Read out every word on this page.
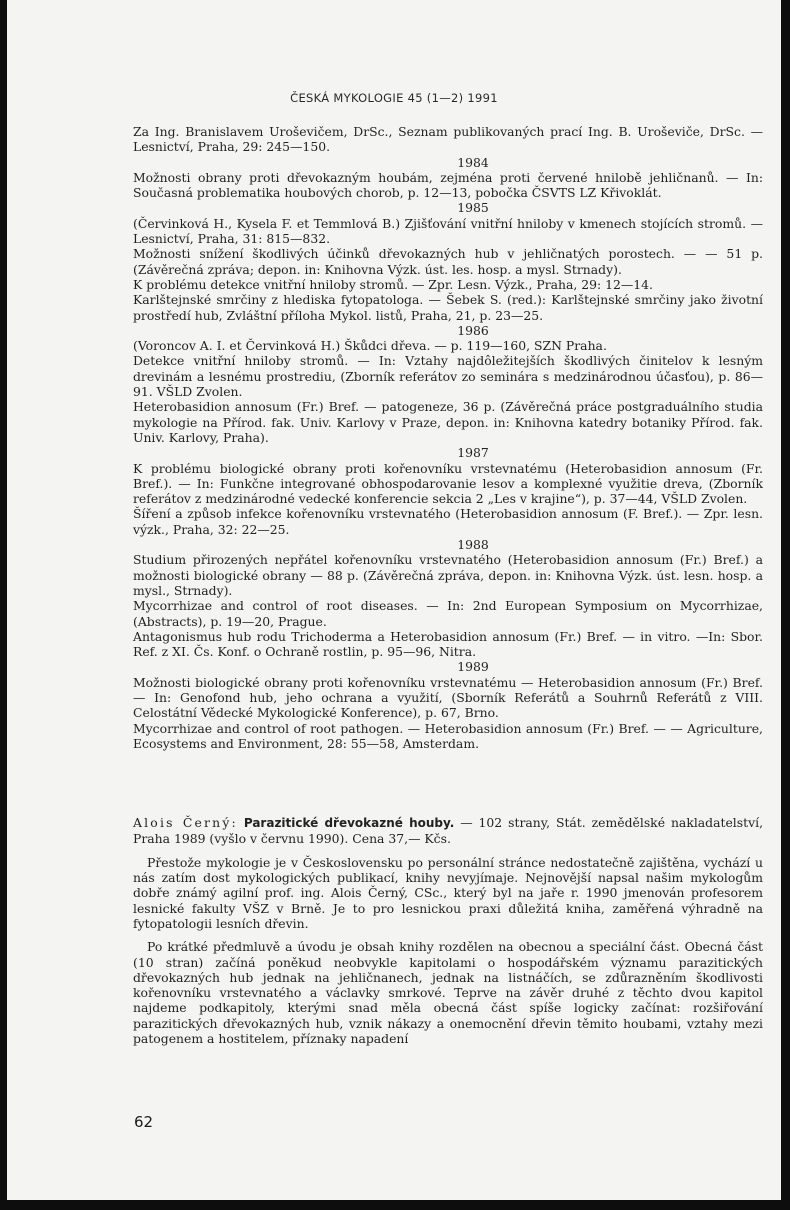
ČESKÁ MYKOLOGIE 45 (1—2) 1991

Za Ing. Branislavem Uroševičem, DrSc., Seznam publikovaných prací Ing. B. Uroševiče, DrSc. — Lesnictví, Praha, 29: 245—150.

1984

Možnosti obrany proti dřevokazným houbám, zejména proti červené hnilobě jehličnanů. — In: Současná problematika houbových chorob, p. 12—13, pobočka ČSVTS LZ Křivoklát.

1985

(Červinková H., Kysela F. et Temmlová B.) Zjišťování vnitřní hniloby v kmenech stojících stromů. — Lesnictví, Praha, 31: 815—832.

Možnosti snížení škodlivých účinků dřevokazných hub v jehličnatých porostech. — — 51 p. (Závěrečná zpráva; depon. in: Knihovna Výzk. úst. les. hosp. a mysl. Strnady).

K problému detekce vnitřní hniloby stromů. — Zpr. Lesn. Výzk., Praha, 29: 12—14.

Karlštejnské smrčiny z hlediska fytopatologa. — Šebek S. (red.): Karlštejnské smrčiny jako životní prostředí hub, Zvláštní příloha Mykol. listů, Praha, 21, p. 23—25.

1986

(Voroncov A. I. et Červinková H.) Škůdci dřeva. — p. 119—160, SZN Praha.

Detekce vnitřní hniloby stromů. — In: Vztahy najdôležitejších škodlivých činitelov k lesným drevinám a lesnému prostrediu, (Zborník referátov zo seminára s medzinárodnou účasťou), p. 86—91. VŠLD Zvolen.

Heterobasidion annosum (Fr.) Bref. — patogeneze, 36 p. (Závěrečná práce postgraduálního studia mykologie na Přírod. fak. Univ. Karlovy v Praze, depon. in: Knihovna katedry botaniky Přírod. fak. Univ. Karlovy, Praha).

1987

K problému biologické obrany proti kořenovníku vrstevnatému (Heterobasidion annosum (Fr. Bref.). — In: Funkčne integrované obhospodarovanie lesov a komplexné využitie dreva, (Zborník referátov z medzinárodné vedecké konferencie sekcia 2 „Les v krajine“), p. 37—44, VŠLD Zvolen.

Šíření a způsob infekce kořenovníku vrstevnatého (Heterobasidion annosum (F. Bref.). — Zpr. lesn. výzk., Praha, 32: 22—25.

1988

Studium přirozených nepřátel kořenovníku vrstevnatého (Heterobasidion annosum (Fr.) Bref.) a možnosti biologické obrany — 88 p. (Závěrečná zpráva, depon. in: Knihovna Výzk. úst. lesn. hosp. a mysl., Strnady).

Mycorrhizae and control of root diseases. — In: 2nd European Symposium on Mycorrhizae, (Abstracts), p. 19—20, Prague.

Antagonismus hub rodu Trichoderma a Heterobasidion annosum (Fr.) Bref. — in vitro. —In: Sbor. Ref. z XI. Čs. Konf. o Ochraně rostlin, p. 95—96, Nitra.

1989

Možnosti biologické obrany proti kořenovníku vrstevnatému — Heterobasidion annosum (Fr.) Bref. — In: Genofond hub, jeho ochrana a využití, (Sborník Referátů a Souhrnů Referátů z VIII. Celostátní Vědecké Mykologické Konference), p. 67, Brno.

Mycorrhizae and control of root pathogen. — Heterobasidion annosum (Fr.) Bref. — — Agriculture, Ecosystems and Environment, 28: 55—58, Amsterdam.

Alois Černý: Parazitické dřevokazné houby. — 102 strany, Stát. zemědělské nakladatelství, Praha 1989 (vyšlo v červnu 1990). Cena 37,— Kčs.

Přestože mykologie je v Československu po personální stránce nedostatečně zajištěna, vychází u nás zatím dost mykologických publikací, knihy nevyjímaje. Nejnovější napsal našim mykologům dobře známý agilní prof. ing. Alois Černý, CSc., který byl na jaře r. 1990 jmenován profesorem lesnické fakulty VŠZ v Brně. Je to pro lesnickou praxi důležitá kniha, zaměřená výhradně na fytopatologii lesních dřevin.

Po krátké předmluvě a úvodu je obsah knihy rozdělen na obecnou a speciální část. Obecná část (10 stran) začíná poněkud neobvykle kapitolami o hospodářském významu parazitických dřevokazných hub jednak na jehličnanech, jednak na listnáčích, se zdůrazněním škodlivosti kořenovníku vrstevnatého a václavky smrkové. Teprve na závěr druhé z těchto dvou kapitol najdeme podkapitoly, kterými snad měla obecná část spíše logicky začínat: rozšiřování parazitických dřevokazných hub, vznik nákazy a onemocnění dřevin těmito houbami, vztahy mezi patogenem a hostitelem, příznaky napadení

62
